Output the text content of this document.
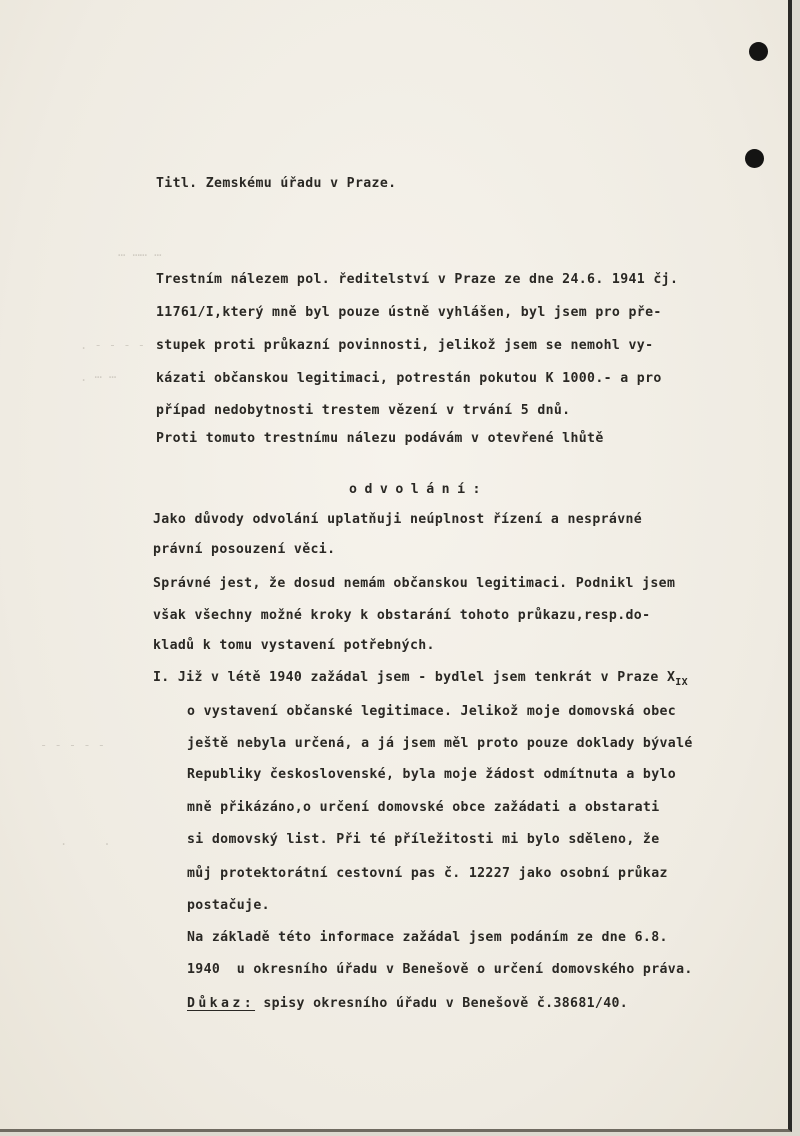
⋯ ⋯⋯ ⋯
. - - - -
. ⋯ ⋯
- - - - -
.     .
Titl. Zemskému úřadu v Praze.
Trestním nálezem pol. ředitelství v Praze ze dne 24.6. 1941 čj.
11761/I,který mně byl pouze ústně vyhlášen, byl jsem pro pře-
stupek proti průkazní povinnosti, jelikož jsem se nemohl vy-
kázati občanskou legitimaci, potrestán pokutou K 1000.- a pro
případ nedobytnosti trestem vězení v trvání 5 dnů.
Proti tomuto trestnímu nálezu podávám v otevřené lhůtě
odvolání:
Jako důvody odvolání uplatňuji neúplnost řízení a nesprávné
právní posouzení věci.
Správné jest, že dosud nemám občanskou legitimaci. Podnikl jsem
však všechny možné kroky k obstarání tohoto průkazu,resp.do-
kladů k tomu vystavení potřebných.
I. Již v létě 1940 zažádal jsem - bydlel jsem tenkrát v Praze $X_{IX}$
o vystavení občanské legitimace. Jelikož moje domovská obec
ještě nebyla určená, a já jsem měl proto pouze doklady bývalé
Republiky československé, byla moje žádost odmítnuta a bylo
mně přikázáno,o určení domovské obce zažádati a obstarati
si domovský list. Při té příležitosti mi bylo sděleno, že
můj protektorátní cestovní pas č. 12227 jako osobní průkaz
postačuje.
Na základě této informace zažádal jsem podáním ze dne 6.8.
1940  u okresního úřadu v Benešově o určení domovského práva.
Důkaz: spisy okresního úřadu v Benešově č.38681/40.
